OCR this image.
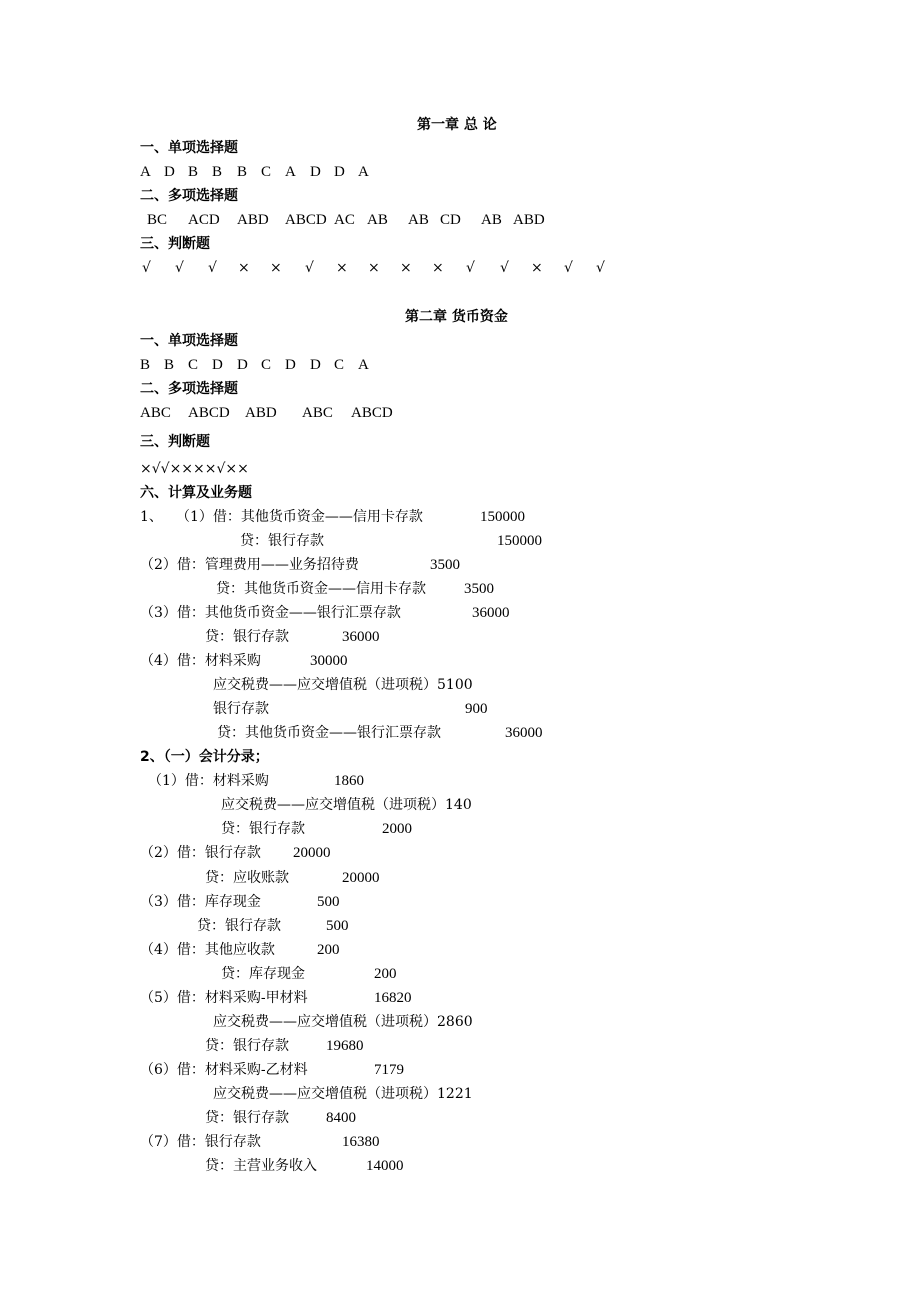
第一章 总 论
一、单项选择题
A D B B B C A D D A
二、多项选择题
BC ACD ABD ABCD AC AB AB CD AB ABD
三、判断题
√ √ √ × × √ × × × × √ √ × √ √
第二章 货币资金
一、单项选择题
B B C D D C D D C A
二、多项选择题
ABC ABCD ABD ABC ABCD
三、判断题
×√√××××√××
六、计算及业务题
1、 （1）借：其他货币资金——信用卡存款	150000
贷：银行存款	150000
（2）借：管理费用——业务招待费	3500
贷：其他货币资金——信用卡存款	3500
（3）借：其他货币资金——银行汇票存款	36000
贷：银行存款	36000
（4）借：材料采购	30000
应交税费——应交增值税（进项税）5100
银行存款	900
贷：其他货币资金——银行汇票存款	36000
2、（一）会计分录；
（1）借：材料采购	1860
应交税费——应交增值税（进项税）140
贷：银行存款	2000
（2）借：银行存款 20000
贷：应收账款	20000
（3）借：库存现金	500
贷：银行存款	500
（4）借：其他应收款	200
贷：库存现金	200
（5）借：材料采购-甲材料	16820
应交税费——应交增值税（进项税）2860
贷：银行存款 19680
（6）借：材料采购-乙材料	7179
应交税费——应交增值税（进项税）1221
贷：银行存款 8400
（7）借：银行存款	16380
贷：主营业务收入	14000
